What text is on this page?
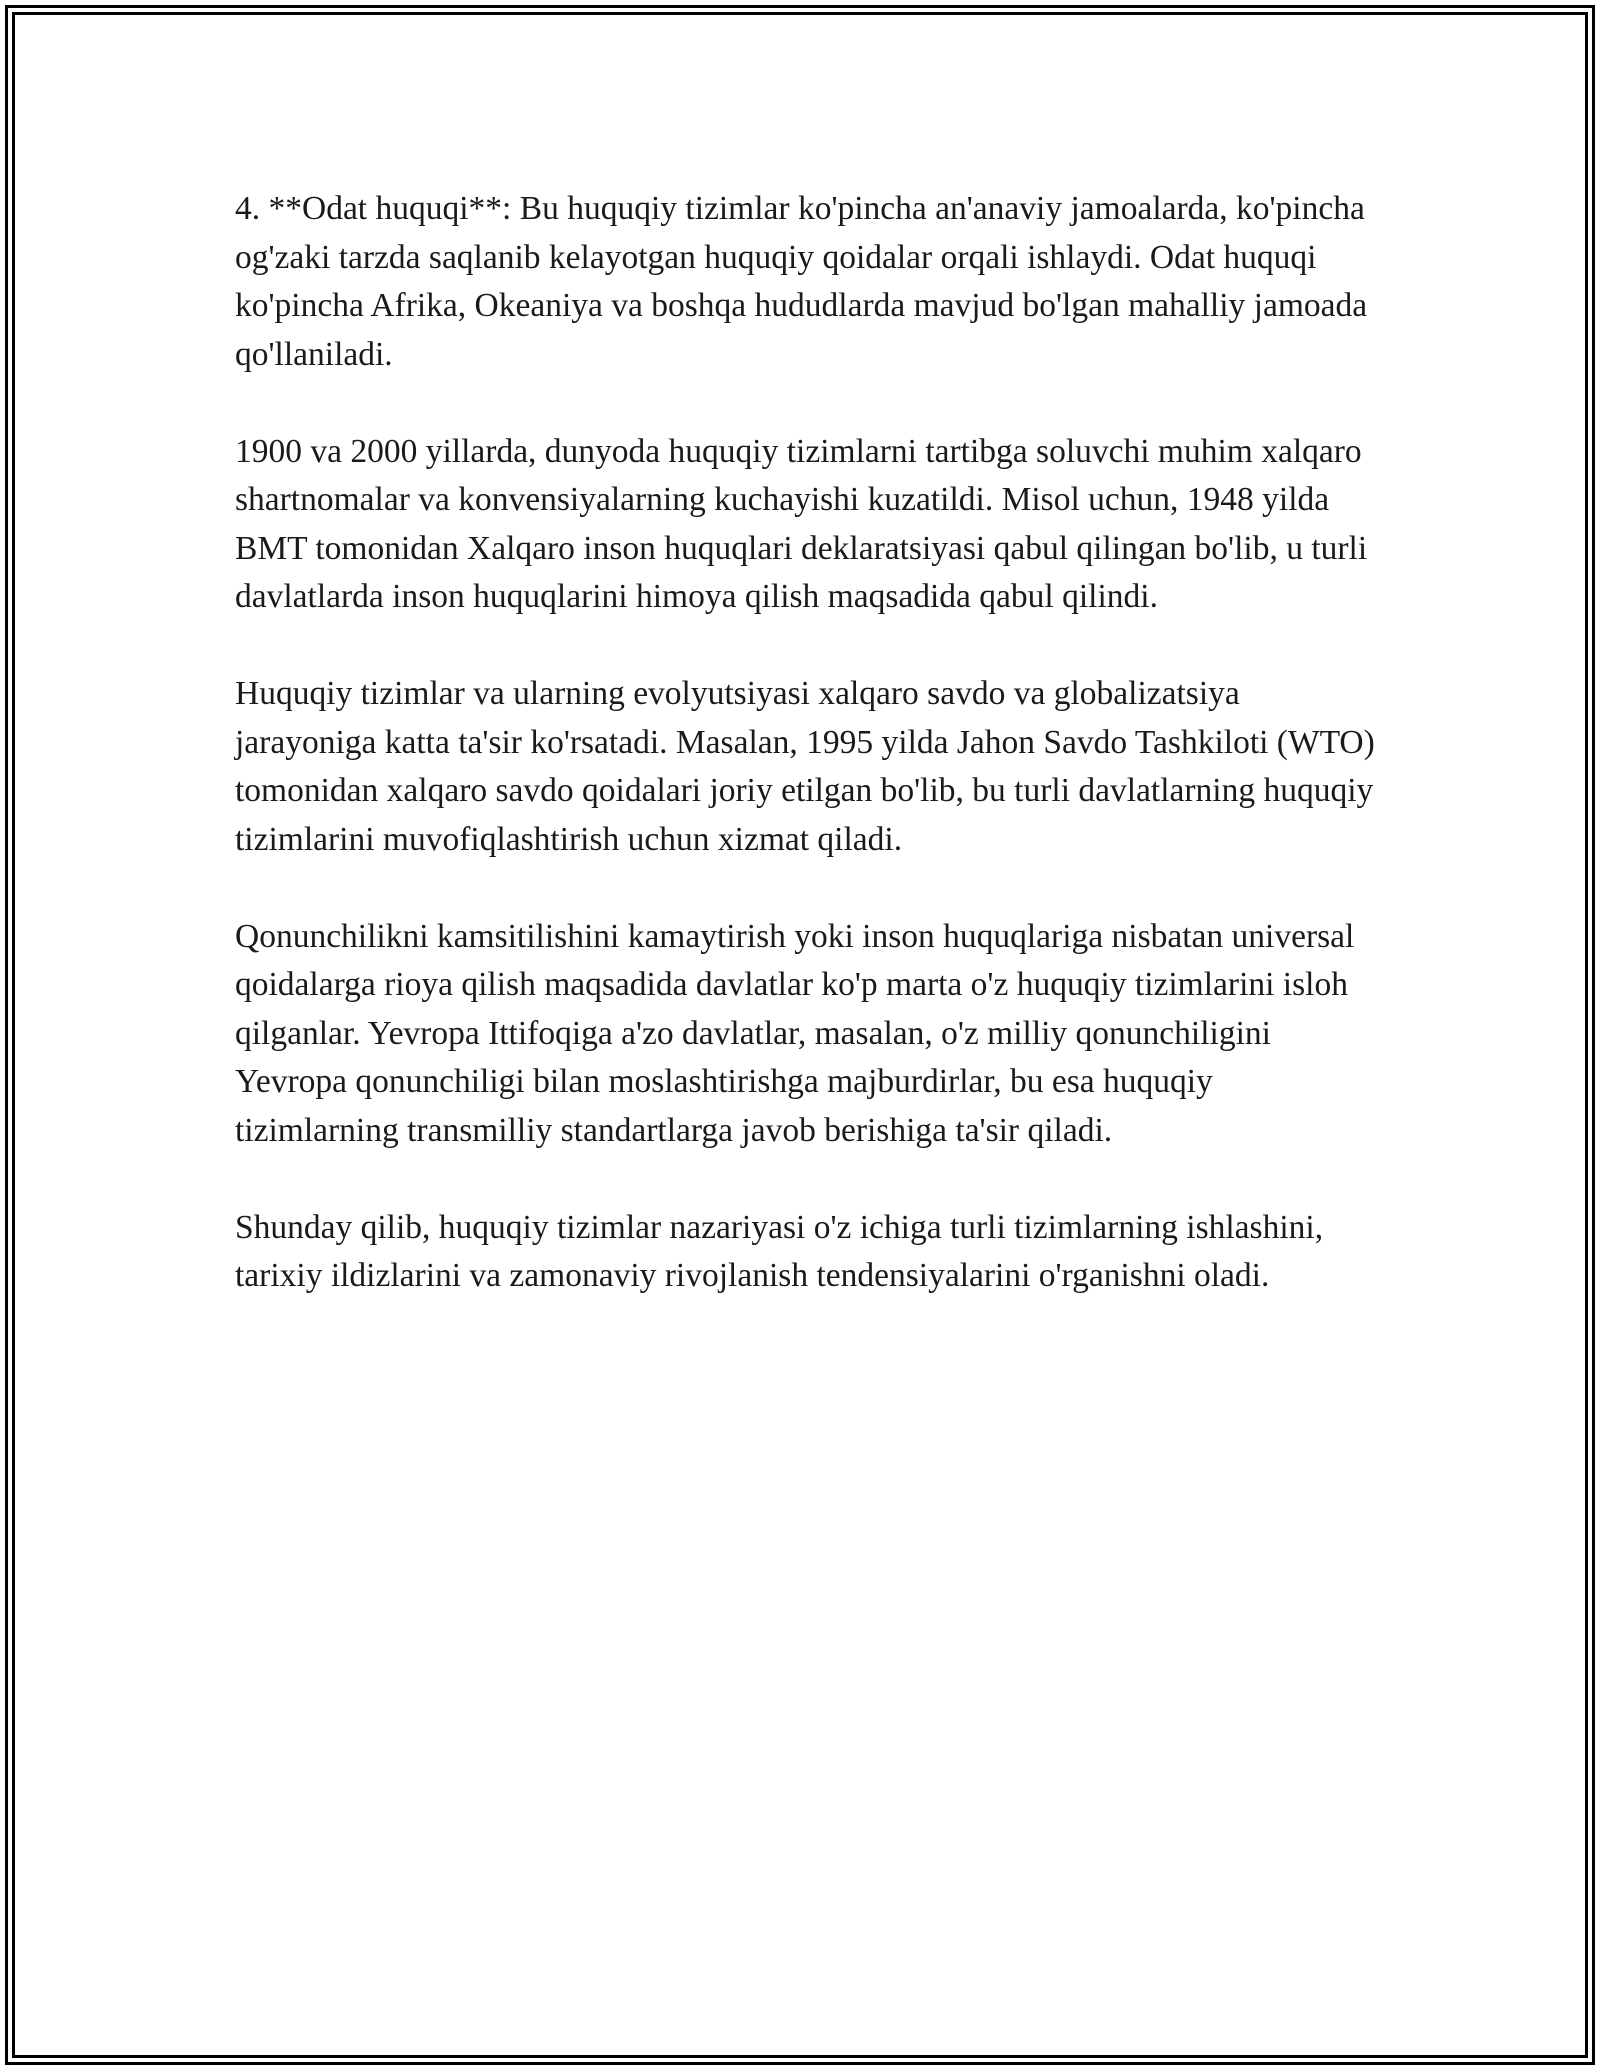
4. **Odat huquqi**: Bu huquqiy tizimlar ko'pincha an'anaviy jamoalarda, ko'pincha og'zaki tarzda saqlanib kelayotgan huquqiy qoidalar orqali ishlaydi. Odat huquqi ko'pincha Afrika, Okeaniya va boshqa hududlarda mavjud bo'lgan mahalliy jamoada qo'llaniladi.

1900 va 2000 yillarda, dunyoda huquqiy tizimlarni tartibga soluvchi muhim xalqaro shartnomalar va konvensiyalarning kuchayishi kuzatildi. Misol uchun, 1948 yilda BMT tomonidan Xalqaro inson huquqlari deklaratsiyasi qabul qilingan bo'lib, u turli davlatlarda inson huquqlarini himoya qilish maqsadida qabul qilindi.

Huquqiy tizimlar va ularning evolyutsiyasi xalqaro savdo va globalizatsiya jarayoniga katta ta'sir ko'rsatadi. Masalan, 1995 yilda Jahon Savdo Tashkiloti (WTO) tomonidan xalqaro savdo qoidalari joriy etilgan bo'lib, bu turli davlatlarning huquqiy tizimlarini muvofiqlashtirish uchun xizmat qiladi.

Qonunchilikni kamsitilishini kamaytirish yoki inson huquqlariga nisbatan universal qoidalarga rioya qilish maqsadida davlatlar ko'p marta o'z huquqiy tizimlarini isloh qilganlar. Yevropa Ittifoqiga a'zo davlatlar, masalan, o'z milliy qonunchiligini Yevropa qonunchiligi bilan moslashtirishga majburdirlar, bu esa huquqiy tizimlarning transmilliy standartlarga javob berishiga ta'sir qiladi.

Shunday qilib, huquqiy tizimlar nazariyasi o'z ichiga turli tizimlarning ishlashini, tarixiy ildizlarini va zamonaviy rivojlanish tendensiyalarini o'rganishni oladi.
